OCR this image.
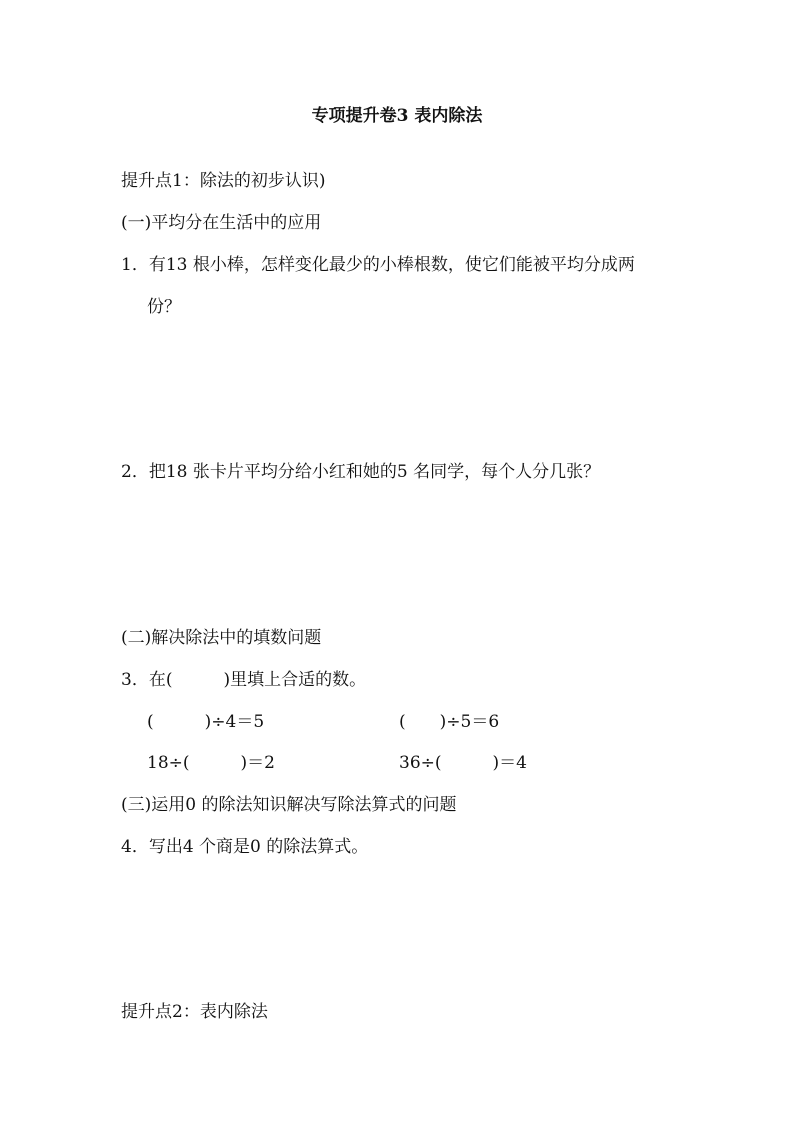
专项提升卷3 表内除法
提升点1：除法的初步认识)
(一)平均分在生活中的应用
1．有13 根小棒，怎样变化最少的小棒根数，使它们能被平均分成两
份？
2．把18 张卡片平均分给小红和她的5 名同学，每个人分几张？
(二)解决除法中的填数问题
3．在(　　　)里填上合适的数。
(　　　)÷4＝5	(　　)÷5＝6
18÷(　　　)＝2	36÷(　　　)＝4
(三)运用0 的除法知识解决写除法算式的问题
4．写出4 个商是0 的除法算式。
提升点2：表内除法
